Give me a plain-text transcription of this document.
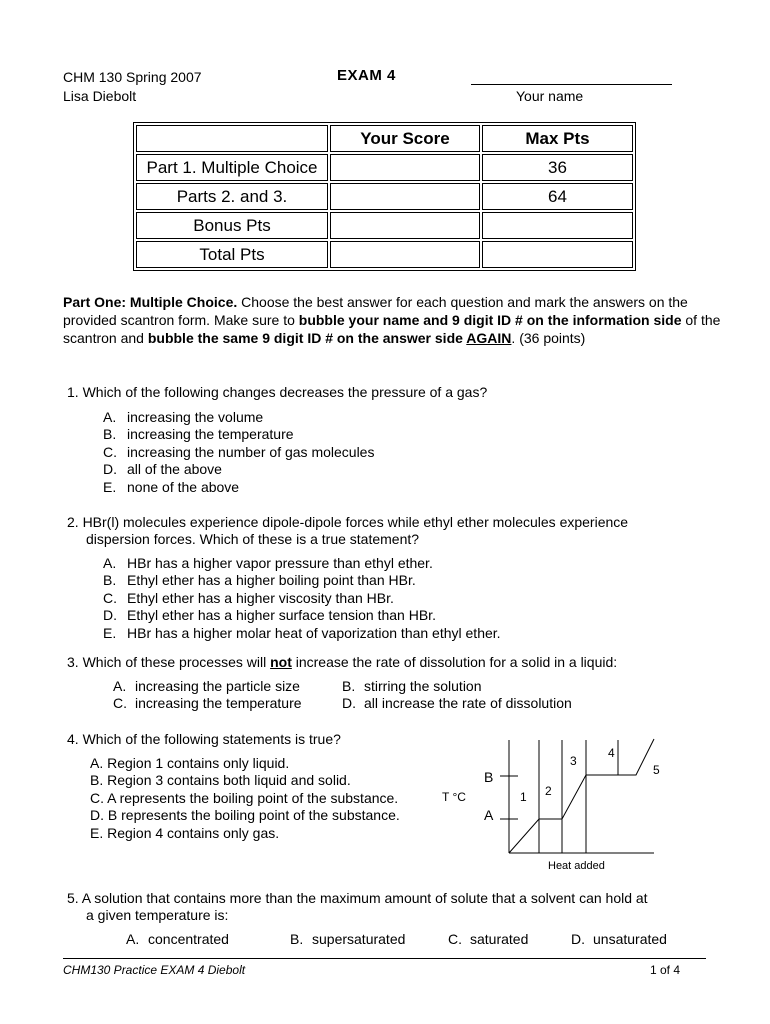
CHM 130 Spring 2007
Lisa Diebolt
EXAM 4
Your name
	Your Score	Max Pts
Part 1. Multiple Choice		36
Parts 2. and 3.		64
Bonus Pts		
Total Pts		
Part One: Multiple Choice. Choose the best answer for each question and mark the answers on the provided scantron form. Make sure to bubble your name and 9 digit ID # on the information side of the scantron and bubble the same 9 digit ID # on the answer side AGAIN. (36 points)
1. Which of the following changes decreases the pressure of a gas?
A. increasing the volume
B. increasing the temperature
C. increasing the number of gas molecules
D. all of the above
E. none of the above
2. HBr(l) molecules experience dipole-dipole forces while ethyl ether molecules experience
dispersion forces. Which of these is a true statement?
A. HBr has a higher vapor pressure than ethyl ether.
B. Ethyl ether has a higher boiling point than HBr.
C. Ethyl ether has a higher viscosity than HBr.
D. Ethyl ether has a higher surface tension than HBr.
E. HBr has a higher molar heat of vaporization than ethyl ether.
3. Which of these processes will not increase the rate of dissolution for a solid in a liquid:
A. increasing the particle size	B. stirring the solution
C. increasing the temperature	D. all increase the rate of dissolution
4. Which of the following statements is true?
A. Region 1 contains only liquid.
B. Region 3 contains both liquid and solid.
C. A represents the boiling point of the substance.
D. B represents the boiling point of the substance.
E. Region 4 contains only gas.
T °C
A
B
1 2
3
4
5
Heat added
5. A solution that contains more than the maximum amount of solute that a solvent can hold at
a given temperature is:
A. concentrated	B. supersaturated	C. saturated	D. unsaturated
CHM130 Practice EXAM 4 Diebolt	1 of 4
